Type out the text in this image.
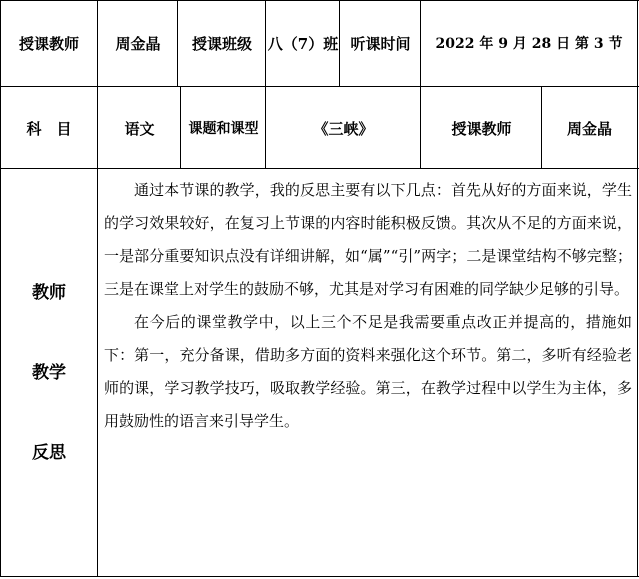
授课教师	周金晶	授课班级	八（7）班 听课时间	2022 年 9 月 28 日 第 3 节
科　目	语文	课题和课型	《三峡》	授课教师	周金晶
教师
教学
反思

通过本节课的教学，我的反思主要有以下几点：首先从好的方面来说，学生的学习效果较好，在复习上节课的内容时能积极反馈。其次从不足的方面来说，一是部分重要知识点没有详细讲解，如“属”“引”两字；二是课堂结构不够完整；三是在课堂上对学生的鼓励不够，尤其是对学习有困难的同学缺少足够的引导。

在今后的课堂教学中，以上三个不足是我需要重点改正并提高的，措施如下：第一，充分备课，借助多方面的资料来强化这个环节。第二，多听有经验老师的课，学习教学技巧，吸取教学经验。第三，在教学过程中以学生为主体，多用鼓励性的语言来引导学生。
